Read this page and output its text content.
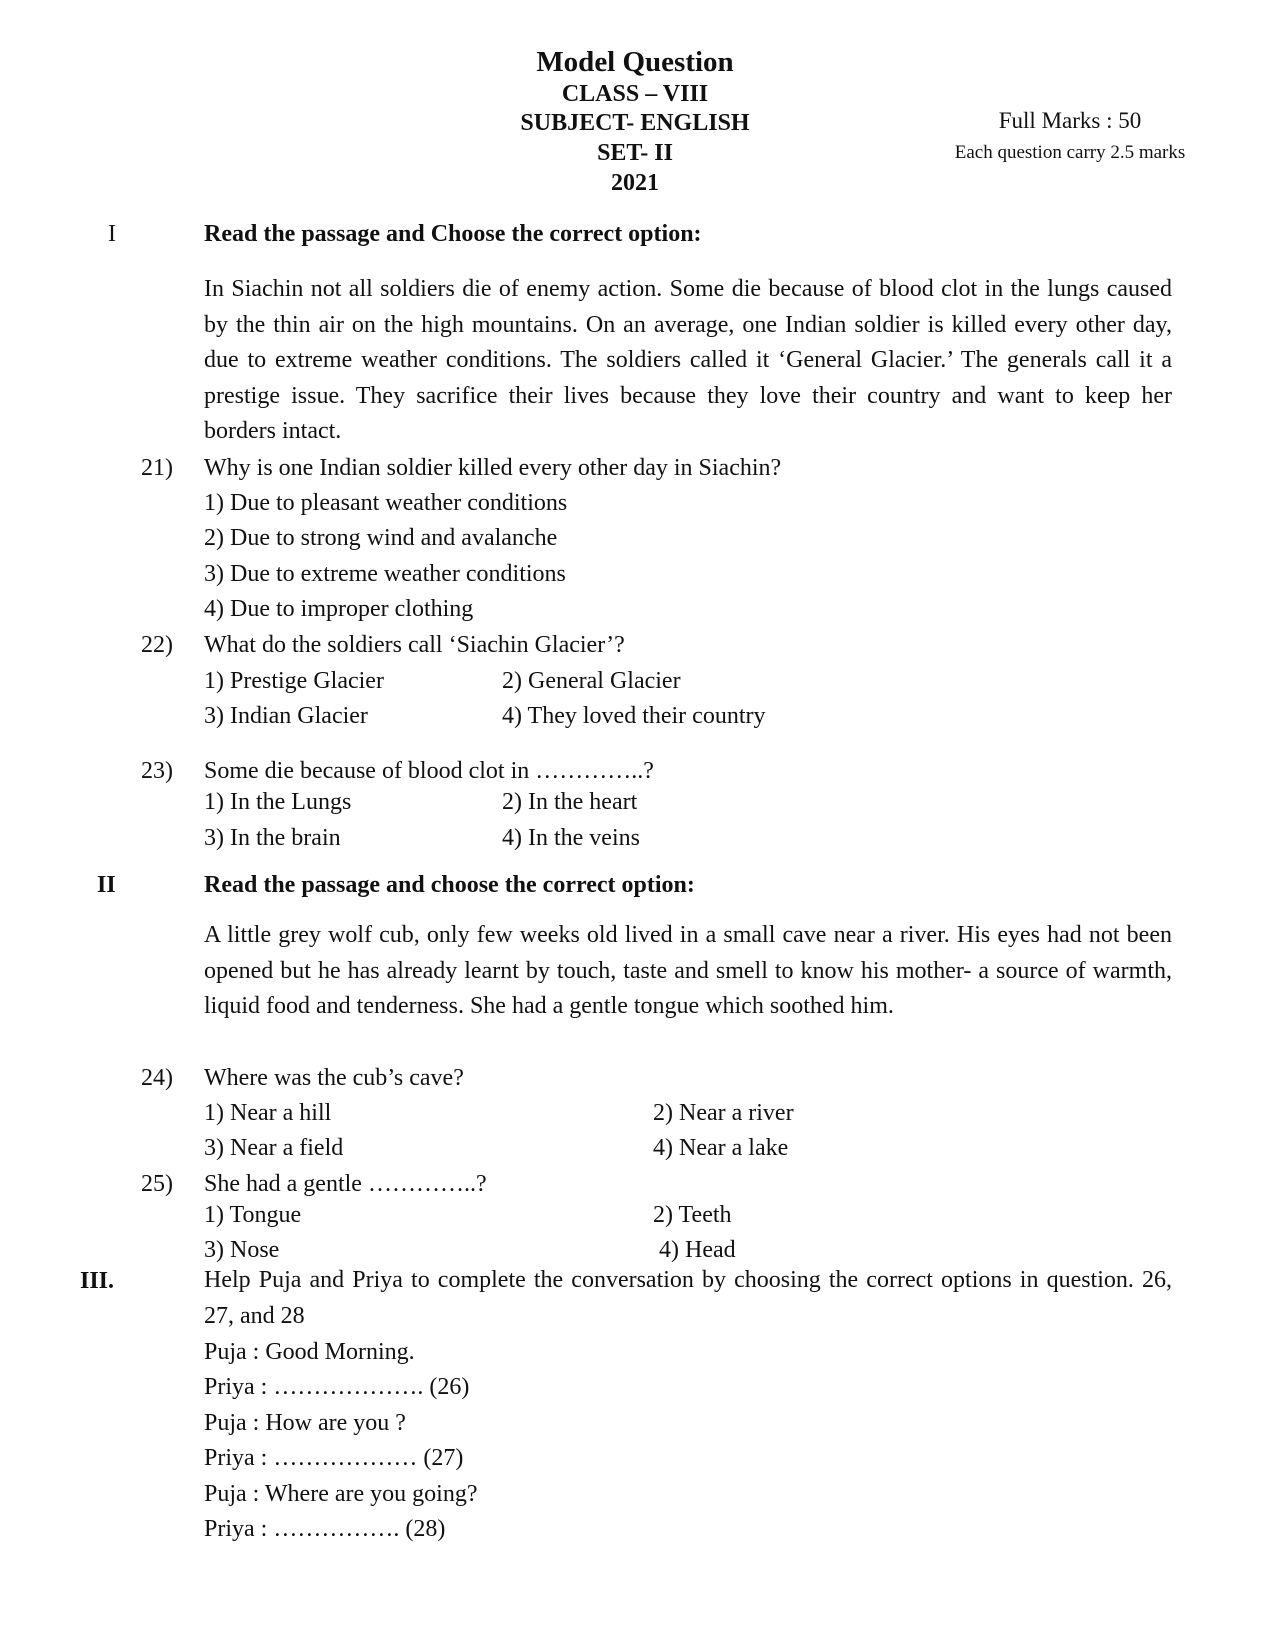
Model Question
CLASS – VIII
SUBJECT- ENGLISH
SET- II
2021
Full Marks : 50
Each question carry 2.5 marks
I	Read the passage and Choose the correct option:
In Siachin not all soldiers die of enemy action. Some die because of blood clot in the lungs caused by the thin air on the high mountains. On an average, one Indian soldier is killed every other day, due to extreme weather conditions. The soldiers called it ‘General Glacier.’ The generals call it a prestige issue. They sacrifice their lives because they love their country and want to keep her borders intact.
21) Why is one Indian soldier killed every other day in Siachin?
1) Due to pleasant weather conditions
2) Due to strong wind and avalanche
3) Due to extreme weather conditions
4) Due to improper clothing
22) What do the soldiers call ‘Siachin Glacier’?
1) Prestige Glacier	2) General Glacier
3) Indian Glacier	4) They loved their country
23) Some die because of blood clot in …………..?
1) In the Lungs	2) In the heart
3) In the brain	4) In the veins
II	Read the passage and choose the correct option:
A little grey wolf cub, only few weeks old lived in a small cave near a river. His eyes had not been opened but he has already learnt by touch, taste and smell to know his mother- a source of warmth, liquid food and tenderness. She had a gentle tongue which soothed him.
24) Where was the cub’s cave?
1) Near a hill	2) Near a river
3) Near a field	4) Near a lake
25) She had a gentle …………..?
1) Tongue	2) Teeth
3) Nose	4) Head
III.	Help Puja and Priya to complete the conversation by choosing the correct options in question. 26, 27, and 28
Puja : Good Morning.
Priya : ………………. (26)
Puja : How are you ?
Priya : ……………… (27)
Puja : Where are you going?
Priya : ……………. (28)
